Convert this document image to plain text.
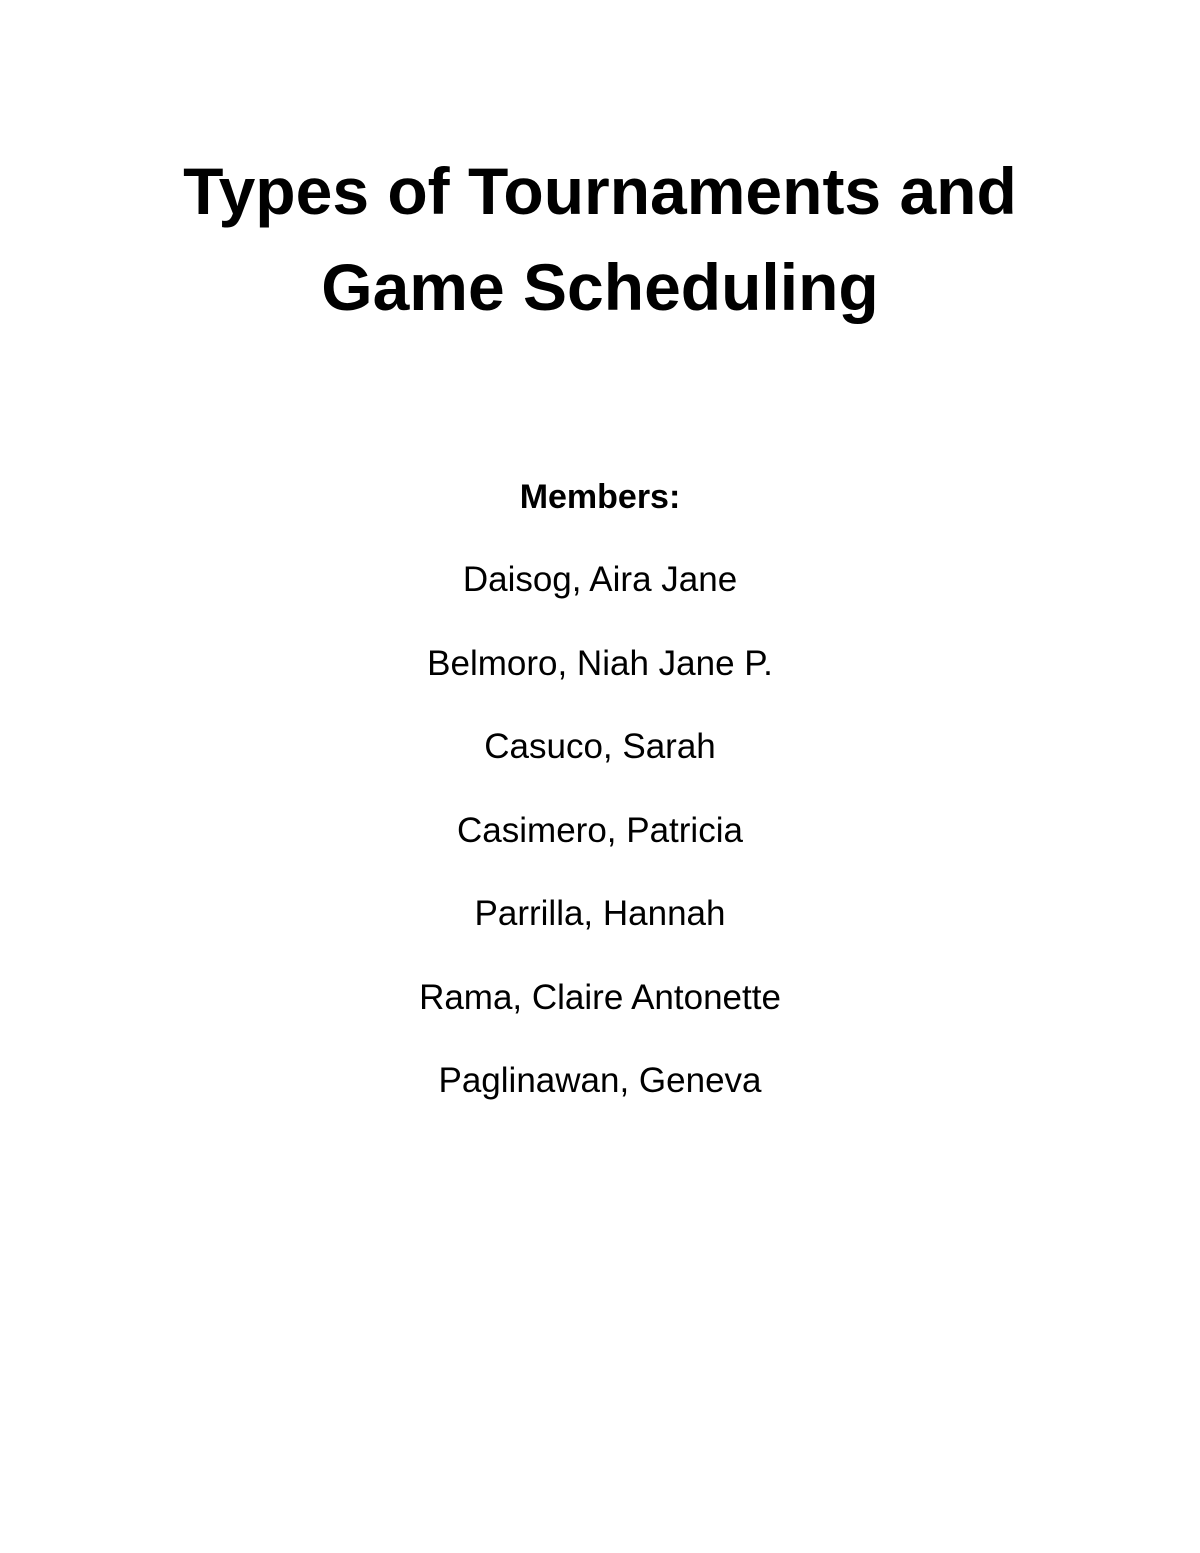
Types of Tournaments and
Game Scheduling
Members:
Daisog, Aira Jane
Belmoro, Niah Jane P.
Casuco, Sarah
Casimero, Patricia
Parrilla, Hannah
Rama, Claire Antonette
Paglinawan, Geneva
